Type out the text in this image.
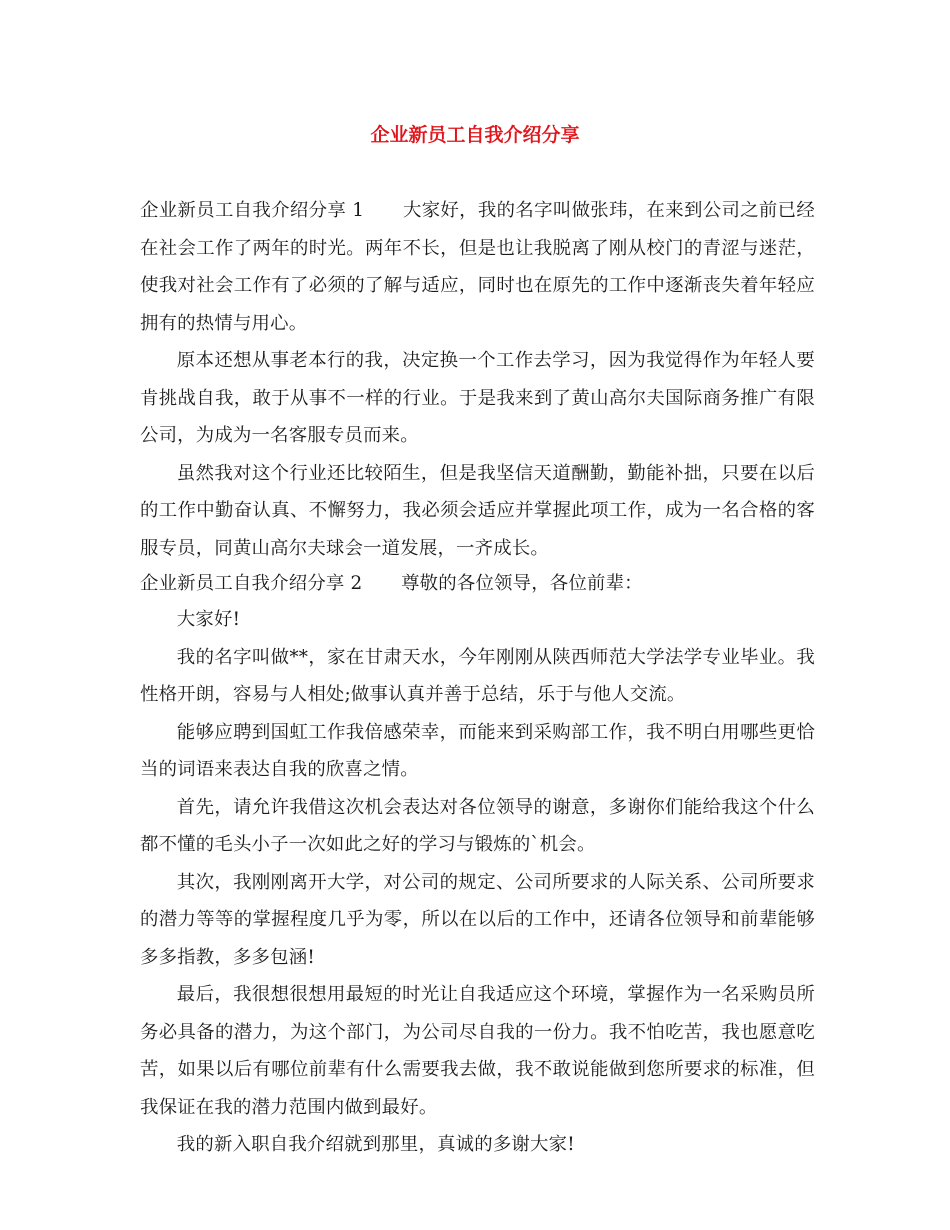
企业新员工自我介绍分享

企业新员工自我介绍分享 1 大家好，我的名字叫做张玮，在来到公司之前已经在社会工作了两年的时光。两年不长，但是也让我脱离了刚从校门的青涩与迷茫，使我对社会工作有了必须的了解与适应，同时也在原先的工作中逐渐丧失着年轻应拥有的热情与用心。

原本还想从事老本行的我，决定换一个工作去学习，因为我觉得作为年轻人要肯挑战自我，敢于从事不一样的行业。于是我来到了黄山高尔夫国际商务推广有限公司，为成为一名客服专员而来。

虽然我对这个行业还比较陌生，但是我坚信天道酬勤，勤能补拙，只要在以后的工作中勤奋认真、不懈努力，我必须会适应并掌握此项工作，成为一名合格的客服专员，同黄山高尔夫球会一道发展，一齐成长。

企业新员工自我介绍分享 2 尊敬的各位领导，各位前辈：

大家好!

我的名字叫做**，家在甘肃天水，今年刚刚从陕西师范大学法学专业毕业。我性格开朗，容易与人相处;做事认真并善于总结，乐于与他人交流。

能够应聘到国虹工作我倍感荣幸，而能来到采购部工作，我不明白用哪些更恰当的词语来表达自我的欣喜之情。

首先，请允许我借这次机会表达对各位领导的谢意，多谢你们能给我这个什么都不懂的毛头小子一次如此之好的学习与锻炼的`机会。

其次，我刚刚离开大学，对公司的规定、公司所要求的人际关系、公司所要求的潜力等等的掌握程度几乎为零，所以在以后的工作中，还请各位领导和前辈能够多多指教，多多包涵!

最后，我很想很想用最短的时光让自我适应这个环境，掌握作为一名采购员所务必具备的潜力，为这个部门，为公司尽自我的一份力。我不怕吃苦，我也愿意吃苦，如果以后有哪位前辈有什么需要我去做，我不敢说能做到您所要求的标准，但我保证在我的潜力范围内做到最好。

我的新入职自我介绍就到那里，真诚的多谢大家!
